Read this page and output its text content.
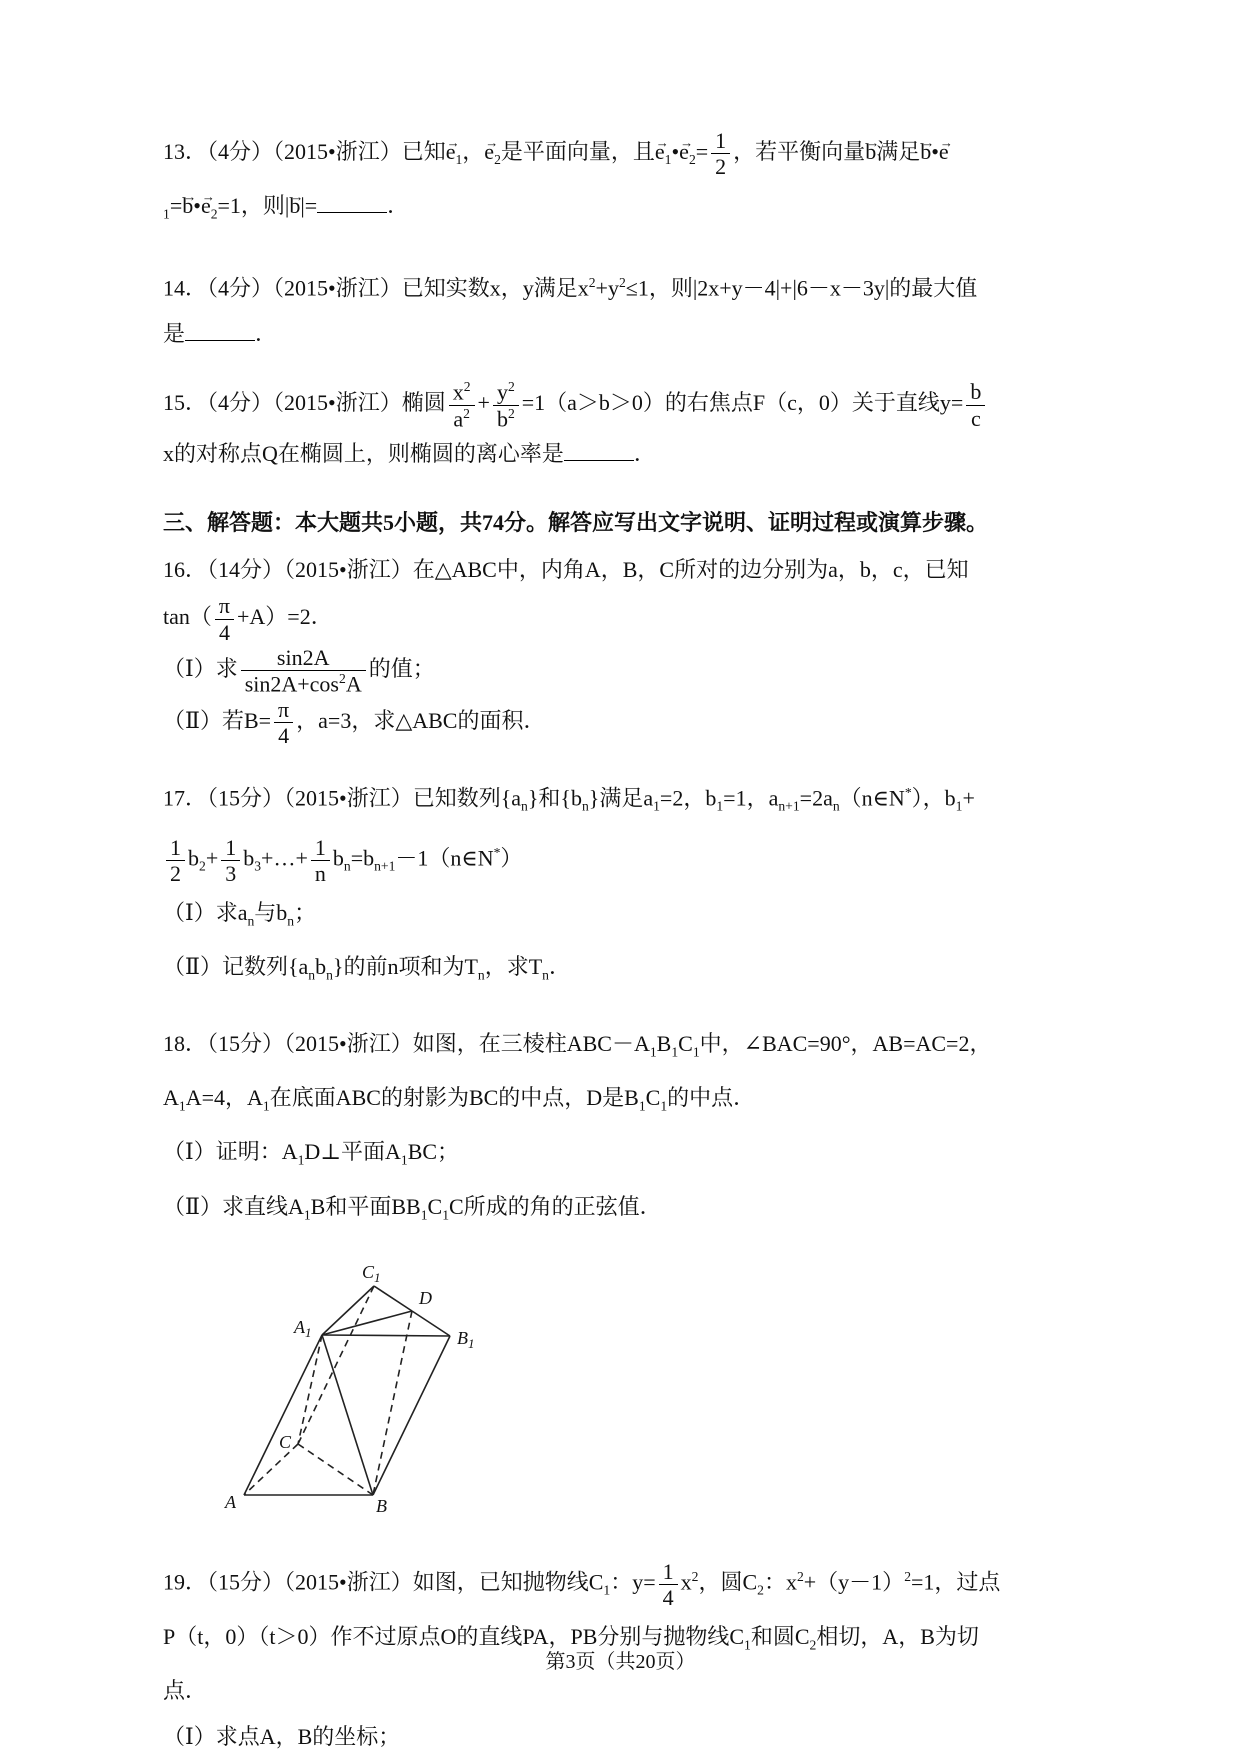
13．（4分）（2015•浙江）已知$e \to_1$，$e \to_2$是平面向量，且$e \to_1•e \to_2= \frac{1}{2}$ ，若平衡向量b →满足b →•e →
$_1$=b →•e $\to_2=1$，则|b →|=	．
14．（4分）（2015•浙江）已知实数x，y满足$x^2+y^2\le 1$，则|2x+y－4|+|6－x－3y|的最大值
是	．
15．（4分）（2015•浙江）椭圆 $\frac{x^2}{a^2} + \frac{y^2}{b^2} =1(a>b>0)$的右焦点F（c，0）关于直线$y= \frac{b}{c}$
x的对称点Q在椭圆上，则椭圆的离心率是	．
三、解答题：本大题共5小题，共74分。解答应写出文字说明、证明过程或演算步骤。
16．（14分）（2015•浙江）在△ABC中，内角A，B，C所对的边分别为a，b，c，已知
$\tan( \frac{\pi}{4} +A)=2$．
（Ⅰ）求 $\frac{\sin 2A}{\sin 2A+\cos^2A}$ 的值；
（Ⅱ）若$B= \frac{\pi}{4}$ ，a=3，求△ABC的面积．
17．（15分）（2015•浙江）已知数列$\{a_n\}$和$\{b_n\}$满足$a_1=2$，$b_1=1$，$a_{n+1}=2a_n(n\in N^*)$，$b_1+$
$\frac{1}{2} b_2+ \frac{1}{3}$ $b_3+\dots+ \frac{1}{n}$ $b_n=b_{n+1}-1(n\in N^*)$
（Ⅰ）求$a_n$与$b_n$；
（Ⅱ）记数列$\{a_nb_n\}$的前n项和为$T_n$，求$T_n$．
18．（15分）（2015•浙江）如图，在三棱柱$ABC-A_1B_1C_1$中，∠BAC=90°，AB=AC=2，
$A_1A=4$，$A_1$在底面ABC的射影为BC的中点，D是$B_1C_1$的中点．
（Ⅰ）证明：$A_1D\perp$平面$A_1BC$；
（Ⅱ）求直线$A_1B$和平面$BB_1C_1C$所成的角的正弦值．
$C_1$
D
$A_1$	$B_1$
C
A	B
19．（15分）（2015•浙江）如图，已知抛物线$C_1$：$y= \frac{1}{4} x^2$，圆$C_2$：$x^2+(y-1)^2=1$，过点
P（t，0）（t＞0）作不过原点O的直线PA，PB分别与抛物线$C_1$和圆$C_2$相切，A，B为切
点．
（Ⅰ）求点A，B的坐标；
第3页（共20页）
